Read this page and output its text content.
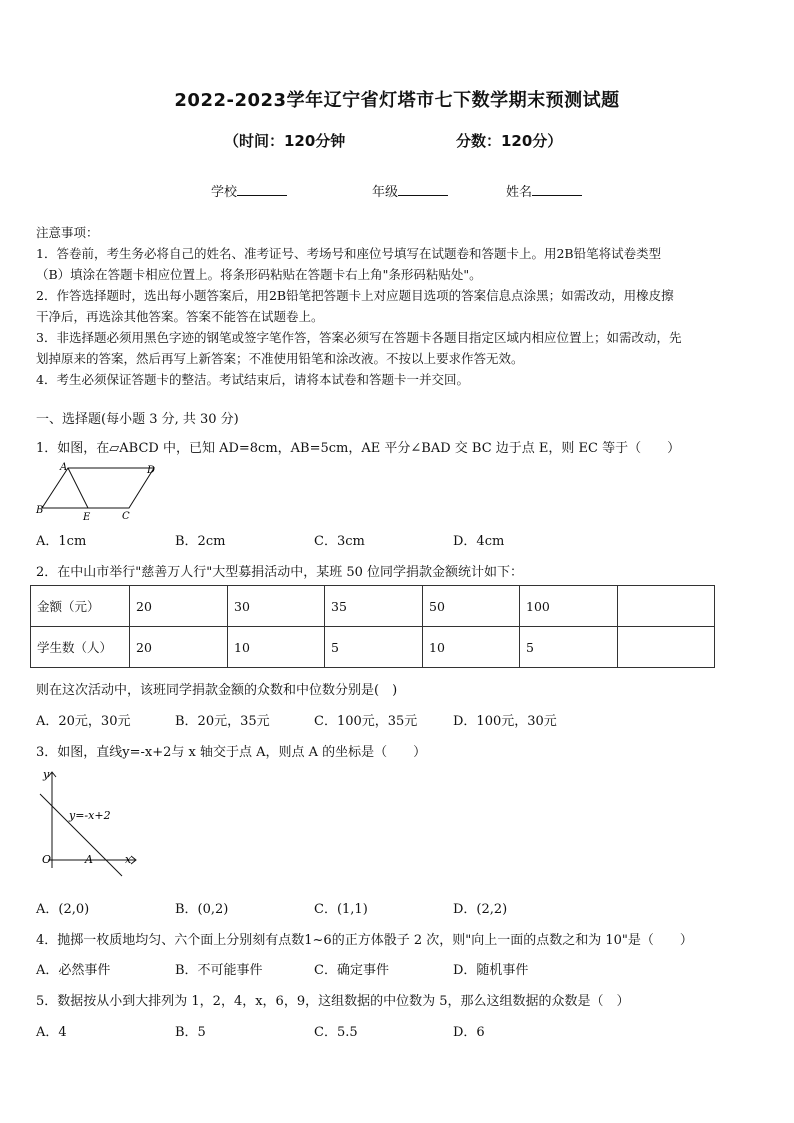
2022-2023学年辽宁省灯塔市七下数学期末预测试题
（时间：120分钟	分数：120分）
学校	年级	姓名

注意事项：

1．答卷前，考生务必将自己的姓名、准考证号、考场号和座位号填写在试题卷和答题卡上。用2B铅笔将试卷类型

（B）填涂在答题卡相应位置上。将条形码粘贴在答题卡右上角"条形码粘贴处"。

2．作答选择题时，选出每小题答案后，用2B铅笔把答题卡上对应题目选项的答案信息点涂黑；如需改动，用橡皮擦

干净后，再选涂其他答案。答案不能答在试题卷上。

3．非选择题必须用黑色字迹的钢笔或签字笔作答，答案必须写在答题卡各题目指定区域内相应位置上；如需改动，先

划掉原来的答案，然后再写上新答案；不准使用铅笔和涂改液。不按以上要求作答无效。

4．考生必须保证答题卡的整洁。考试结束后，请将本试卷和答题卡一并交回。

一、选择题(每小题 3 分, 共 30 分)
1．如图，在▱ABCD 中，已知 AD=8cm，AB=5cm，AE 平分∠BAD 交 BC 边于点 E，则 EC 等于（　　）
A	D
B
E	C
A．1cm	B．2cm	C．3cm	D．4cm
2．在中山市举行"慈善万人行"大型募捐活动中，某班 50 位同学捐款金额统计如下：
金额（元）	20	30	35	50	100	
学生数（人）	20	10	5	10	5	
则在这次活动中，该班同学捐款金额的众数和中位数分别是(　)
A．20元，30元	B．20元，35元	C．100元，35元	D．100元，30元
3．如图，直线y=-x+2与 x 轴交于点 A，则点 A 的坐标是（　　）
y
x
O	A
y=-x+2
A．(2,0)	B．(0,2)	C．(1,1)	D．(2,2)
4．抛掷一枚质地均匀、六个面上分别刻有点数1~6的正方体骰子 2 次，则"向上一面的点数之和为 10"是（　　）
A．必然事件	B．不可能事件	C．确定事件	D．随机事件
5．数据按从小到大排列为 1，2，4，x，6，9，这组数据的中位数为 5，那么这组数据的众数是（　）
A．4	B．5	C．5.5	D．6
